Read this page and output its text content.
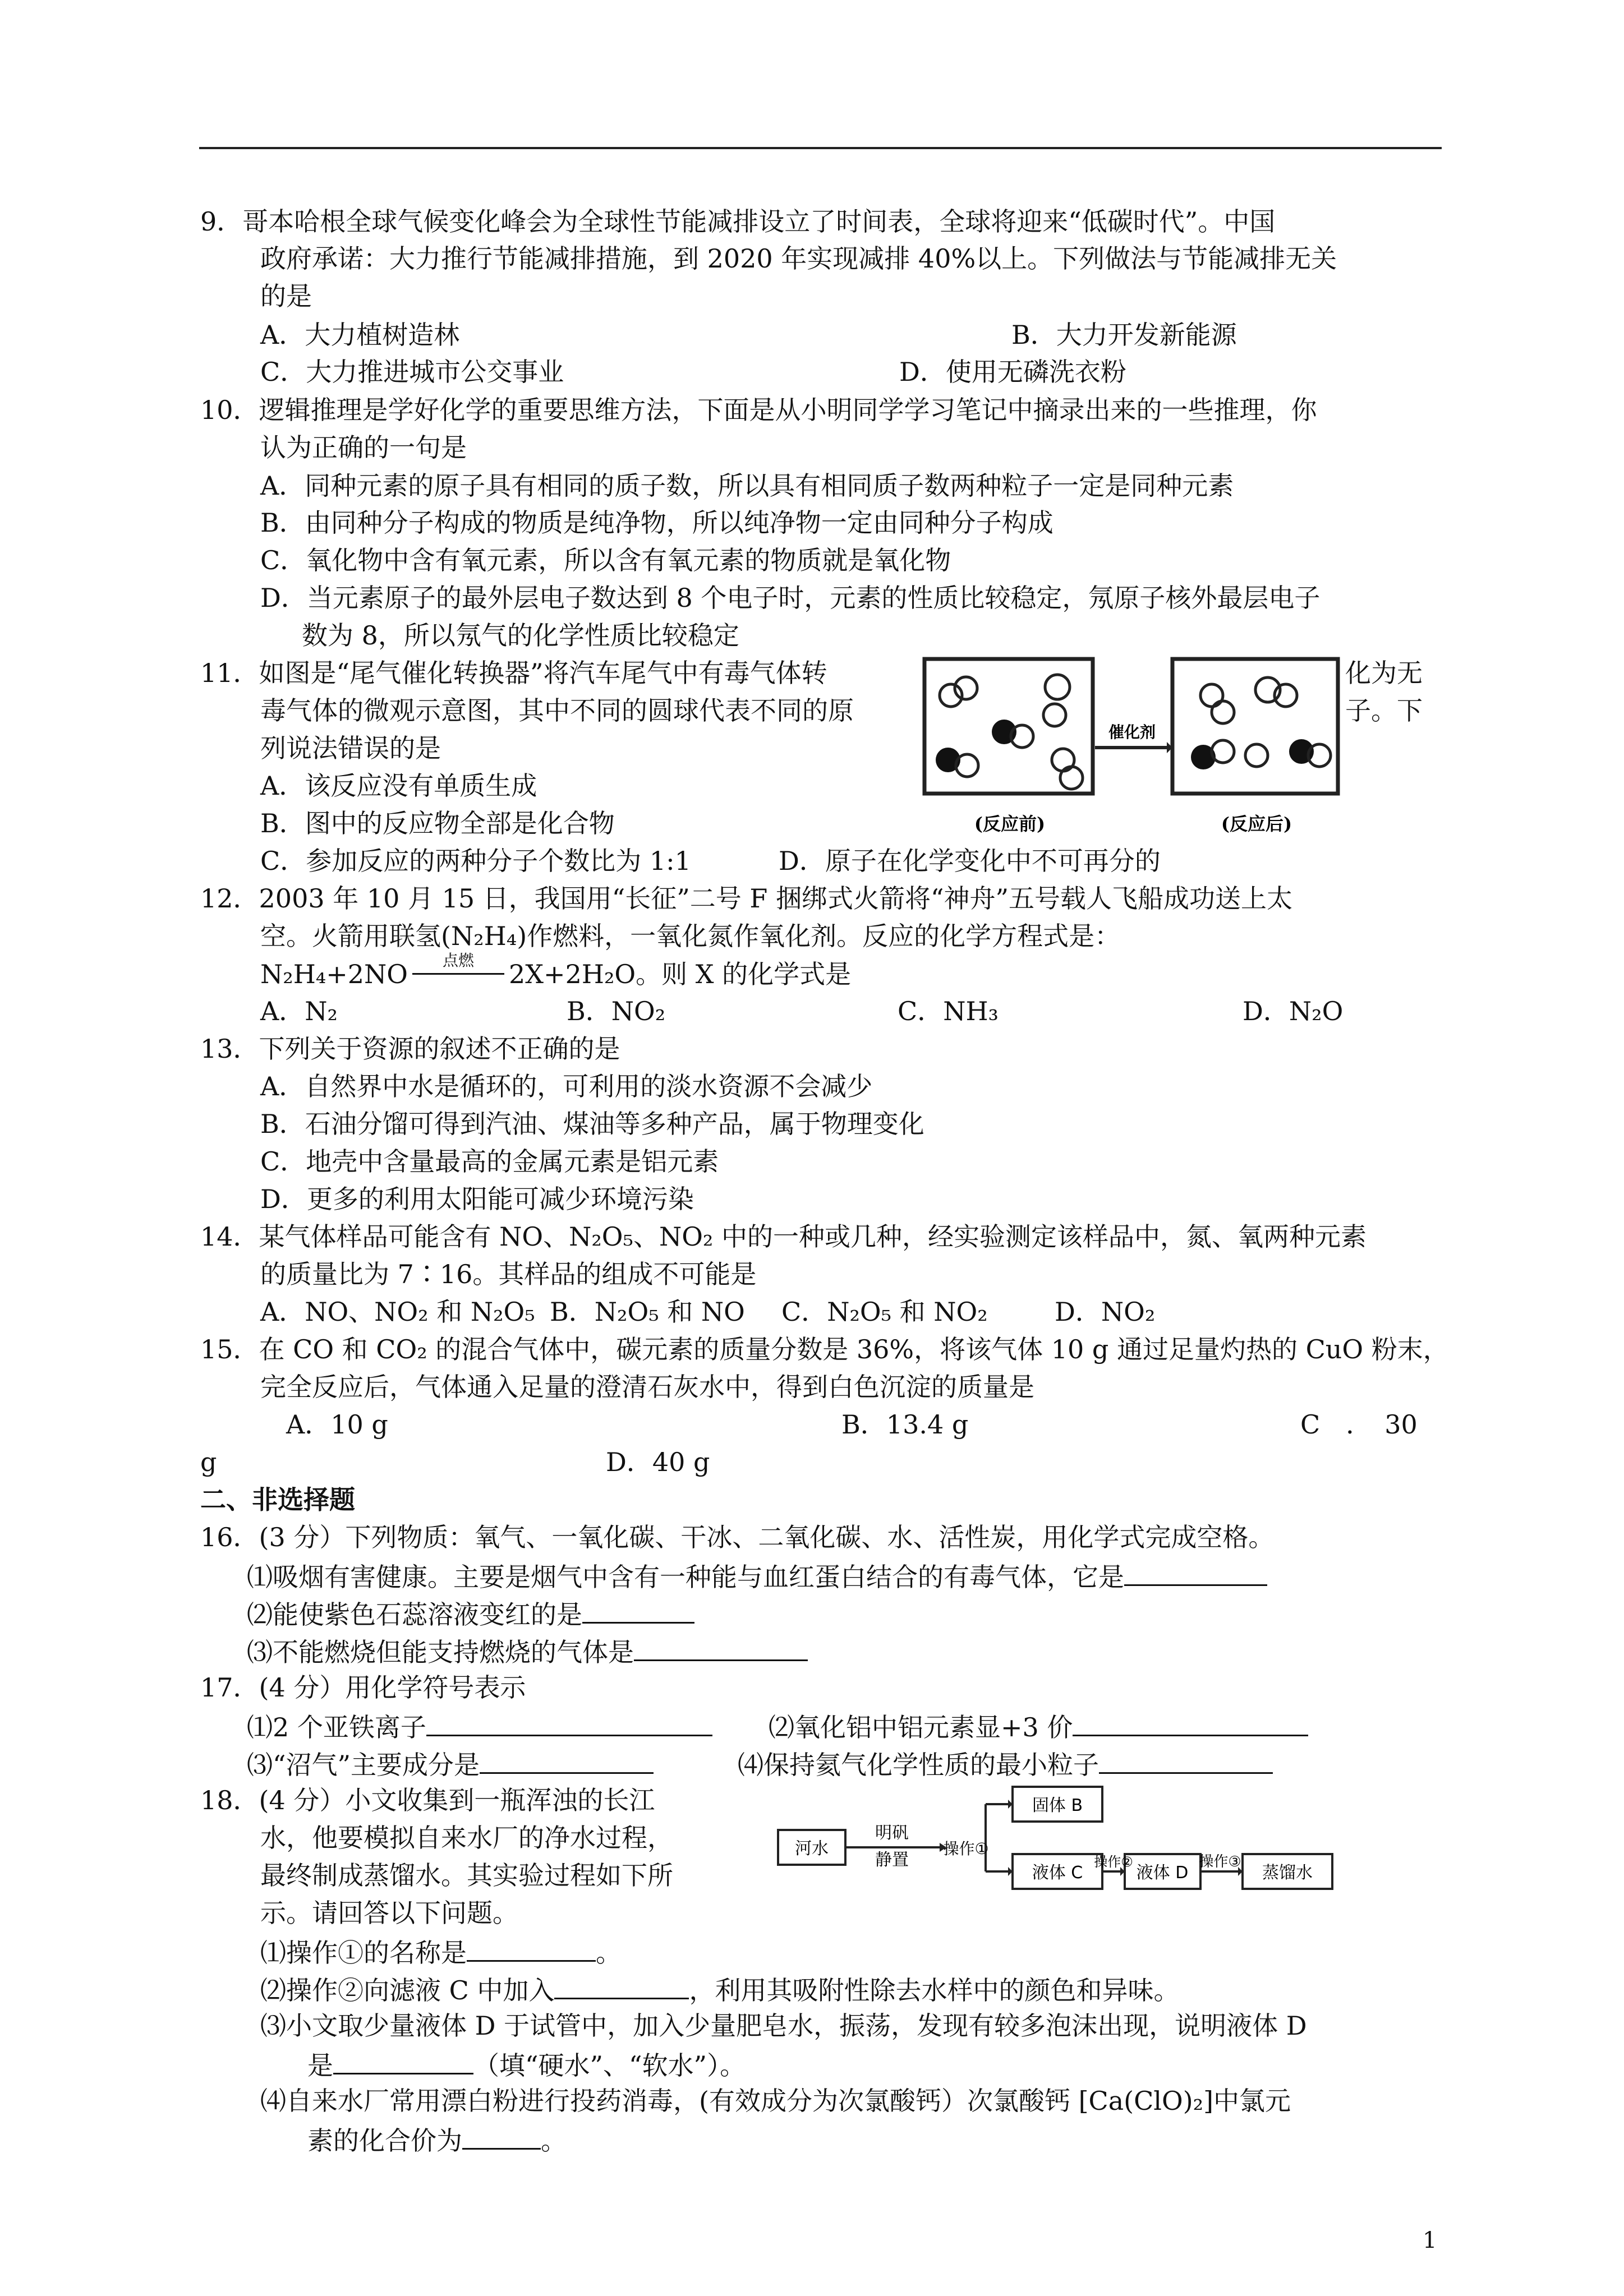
9．哥本哈根全球气候变化峰会为全球性节能减排设立了时间表，全球将迎来“低碳时代”。中国
政府承诺：大力推行节能减排措施，到 2020 年实现减排 40%以上。下列做法与节能减排无关
的是
A．大力植树造林	B．大力开发新能源
C．大力推进城市公交事业	D．使用无磷洗衣粉
10．逻辑推理是学好化学的重要思维方法，下面是从小明同学学习笔记中摘录出来的一些推理，你
认为正确的一句是
A．同种元素的原子具有相同的质子数，所以具有相同质子数两种粒子一定是同种元素
B．由同种分子构成的物质是纯净物，所以纯净物一定由同种分子构成
C．氧化物中含有氧元素，所以含有氧元素的物质就是氧化物
D．当元素原子的最外层电子数达到 8 个电子时，元素的性质比较稳定，氖原子核外最层电子
数为 8，所以氖气的化学性质比较稳定
11．如图是“尾气催化转换器”将汽车尾气中有毒气体转	化为无
毒气体的微观示意图，其中不同的圆球代表不同的原	子。下
列说法错误的是
A．该反应没有单质生成
B．图中的反应物全部是化合物
C．参加反应的两种分子个数比为 1:1	D．原子在化学变化中不可再分的
催化剂
(反应前)	(反应后)
12．2003 年 10 月 15 日，我国用“长征”二号 F 捆绑式火箭将“神舟”五号载人飞船成功送上太
空。火箭用联氢(N₂H₄)作燃料，一氧化氮作氧化剂。反应的化学方程式是：
N₂H₄+2NO	点燃	2X+2H₂O。则 X 的化学式是
A．N₂	B．NO₂	C．NH₃	D．N₂O
13．下列关于资源的叙述不正确的是
A．自然界中水是循环的，可利用的淡水资源不会减少
B．石油分馏可得到汽油、煤油等多种产品，属于物理变化
C．地壳中含量最高的金属元素是铝元素
D．更多的利用太阳能可减少环境污染
14．某气体样品可能含有 NO、N₂O₅、NO₂ 中的一种或几种，经实验测定该样品中，氮、氧两种元素
的质量比为 7∶16。其样品的组成不可能是
A．NO、NO₂ 和 N₂O₅ B．N₂O₅ 和 NO C．N₂O₅ 和 NO₂	D．NO₂
15．在 CO 和 CO₂ 的混合气体中，碳元素的质量分数是 36%，将该气体 10 g 通过足量灼热的 CuO 粉末，
完全反应后，气体通入足量的澄清石灰水中，得到白色沉淀的质量是
A．10 g	B．13.4 g	C　．　30
g	D．40 g
二、非选择题
16．(3 分）下列物质：氧气、一氧化碳、干冰、二氧化碳、水、活性炭，用化学式完成空格。
⑴吸烟有害健康。主要是烟气中含有一种能与血红蛋白结合的有毒气体，它是
⑵能使紫色石蕊溶液变红的是
⑶不能燃烧但能支持燃烧的气体是
17．(4 分）用化学符号表示
⑴2 个亚铁离子	⑵氧化铝中铝元素显+3 价
⑶“沼气”主要成分是	⑷保持氦气化学性质的最小粒子
18．(4 分）小文收集到一瓶浑浊的长江
水，他要模拟自来水厂的净水过程，
最终制成蒸馏水。其实验过程如下所
示。请回答以下问题。
河水
明矾
静置
操作①
固体 B
液体 C
操作②
液体 D
操作③
蒸馏水
⑴操作①的名称是	。
⑵操作②向滤液 C 中加入	，利用其吸附性除去水样中的颜色和异味。
⑶小文取少量液体 D 于试管中，加入少量肥皂水，振荡，发现有较多泡沫出现，说明液体 D
是	（填“硬水”、“软水”）。
⑷自来水厂常用漂白粉进行投药消毒，(有效成分为次氯酸钙）次氯酸钙 [Ca(ClO)₂]中氯元
素的化合价为	。
1
